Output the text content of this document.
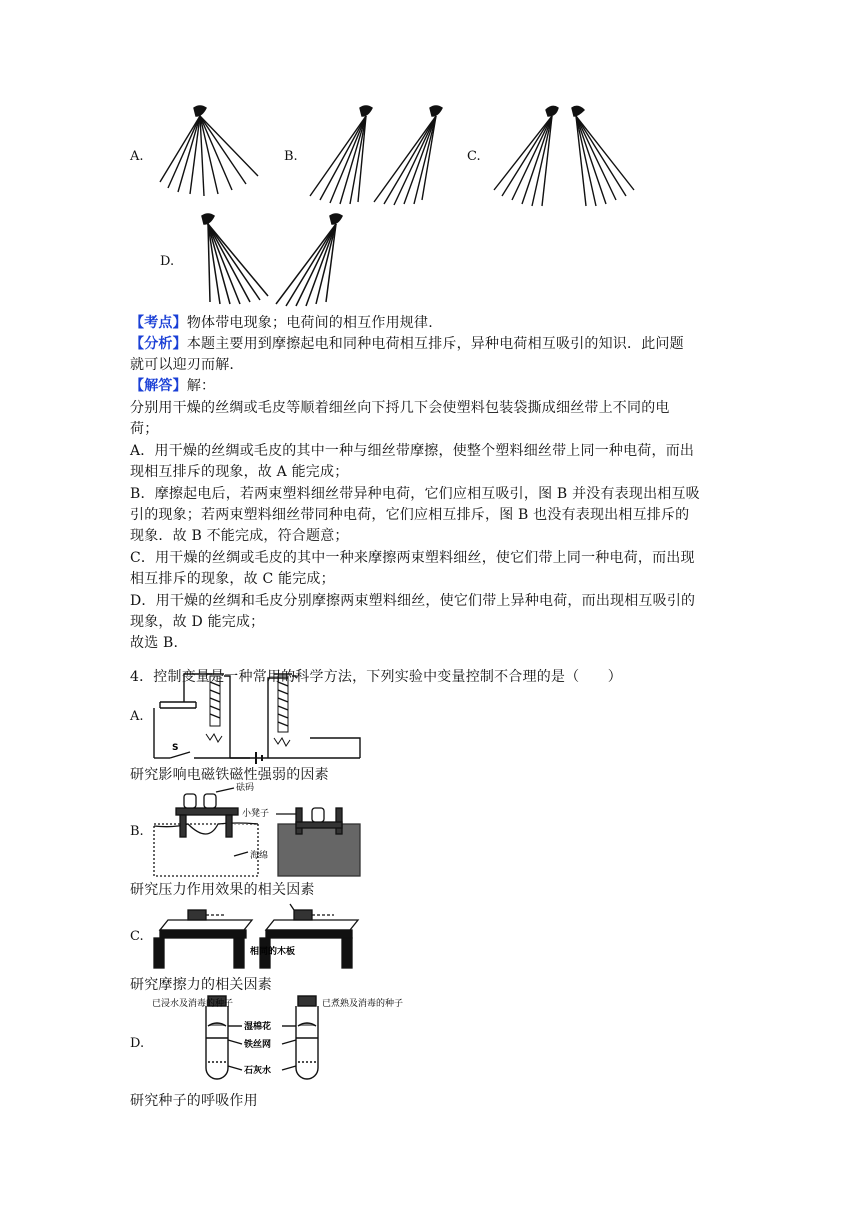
A.	B.	C.
D.
【考点】物体带电现象；电荷间的相互作用规律.
【分析】本题主要用到摩擦起电和同种电荷相互排斥，异种电荷相互吸引的知识．此问题
就可以迎刃而解.
【解答】解：
分别用干燥的丝绸或毛皮等顺着细丝向下捋几下会使塑料包装袋撕成细丝带上不同的电
荷；
A．用干燥的丝绸或毛皮的其中一种与细丝带摩擦，使整个塑料细丝带上同一种电荷，而出
现相互排斥的现象，故 A 能完成；
B．摩擦起电后，若两束塑料细丝带异种电荷，它们应相互吸引，图 B 并没有表现出相互吸
引的现象；若两束塑料细丝带同种电荷，它们应相互排斥，图 B 也没有表现出相互排斥的
现象．故 B 不能完成，符合题意；
C．用干燥的丝绸或毛皮的其中一种来摩擦两束塑料细丝，使它们带上同一种电荷，而出现
相互排斥的现象，故 C 能完成；
D．用干燥的丝绸和毛皮分别摩擦两束塑料细丝，使它们带上异种电荷，而出现相互吸引的
现象，故 D 能完成；
故选 B.
4．控制变量是一种常用的科学方法，下列实验中变量控制不合理的是（　　）
A.
S
研究影响电磁铁磁性强弱的因素
B.
砝码
小凳子
海绵
研究压力作用效果的相关因素
C.
相同的木板
研究摩擦力的相关因素
D.
已浸水及消毒的种子
湿棉花
铁丝网
石灰水
已煮熟及消毒的种子
研究种子的呼吸作用
